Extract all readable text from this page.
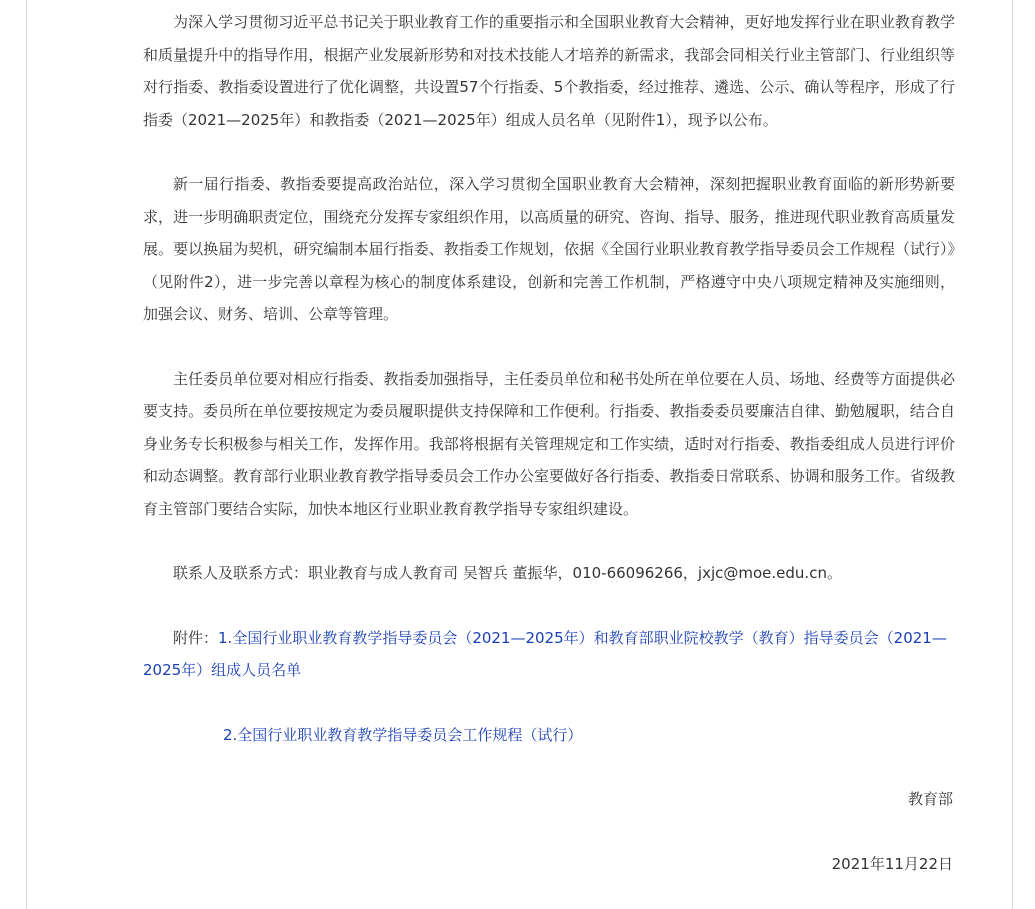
为深入学习贯彻习近平总书记关于职业教育工作的重要指示和全国职业教育大会精神，更好地发挥行业在职业教育教学和质量提升中的指导作用，根据产业发展新形势和对技术技能人才培养的新需求，我部会同相关行业主管部门、行业组织等对行指委、教指委设置进行了优化调整，共设置57个行指委、5个教指委，经过推荐、遴选、公示、确认等程序，形成了行指委（2021—2025年）和教指委（2021—2025年）组成人员名单（见附件1），现予以公布。

新一届行指委、教指委要提高政治站位，深入学习贯彻全国职业教育大会精神，深刻把握职业教育面临的新形势新要求，进一步明确职责定位，围绕充分发挥专家组织作用，以高质量的研究、咨询、指导、服务，推进现代职业教育高质量发展。要以换届为契机，研究编制本届行指委、教指委工作规划，依据《全国行业职业教育教学指导委员会工作规程（试行）》（见附件2），进一步完善以章程为核心的制度体系建设，创新和完善工作机制，严格遵守中央八项规定精神及实施细则，加强会议、财务、培训、公章等管理。

主任委员单位要对相应行指委、教指委加强指导，主任委员单位和秘书处所在单位要在人员、场地、经费等方面提供必要支持。委员所在单位要按规定为委员履职提供支持保障和工作便利。行指委、教指委委员要廉洁自律、勤勉履职，结合自身业务专长积极参与相关工作，发挥作用。我部将根据有关管理规定和工作实绩，适时对行指委、教指委组成人员进行评价和动态调整。教育部行业职业教育教学指导委员会工作办公室要做好各行指委、教指委日常联系、协调和服务工作。省级教育主管部门要结合实际，加快本地区行业职业教育教学指导专家组织建设。

联系人及联系方式：职业教育与成人教育司 吴智兵 董振华，010-66096266，jxjc@moe.edu.cn。

附件：1.全国行业职业教育教学指导委员会（2021—2025年）和教育部职业院校教学（教育）指导委员会（2021—2025年）组成人员名单

2.全国行业职业教育教学指导委员会工作规程（试行）

教育部

2021年11月22日
